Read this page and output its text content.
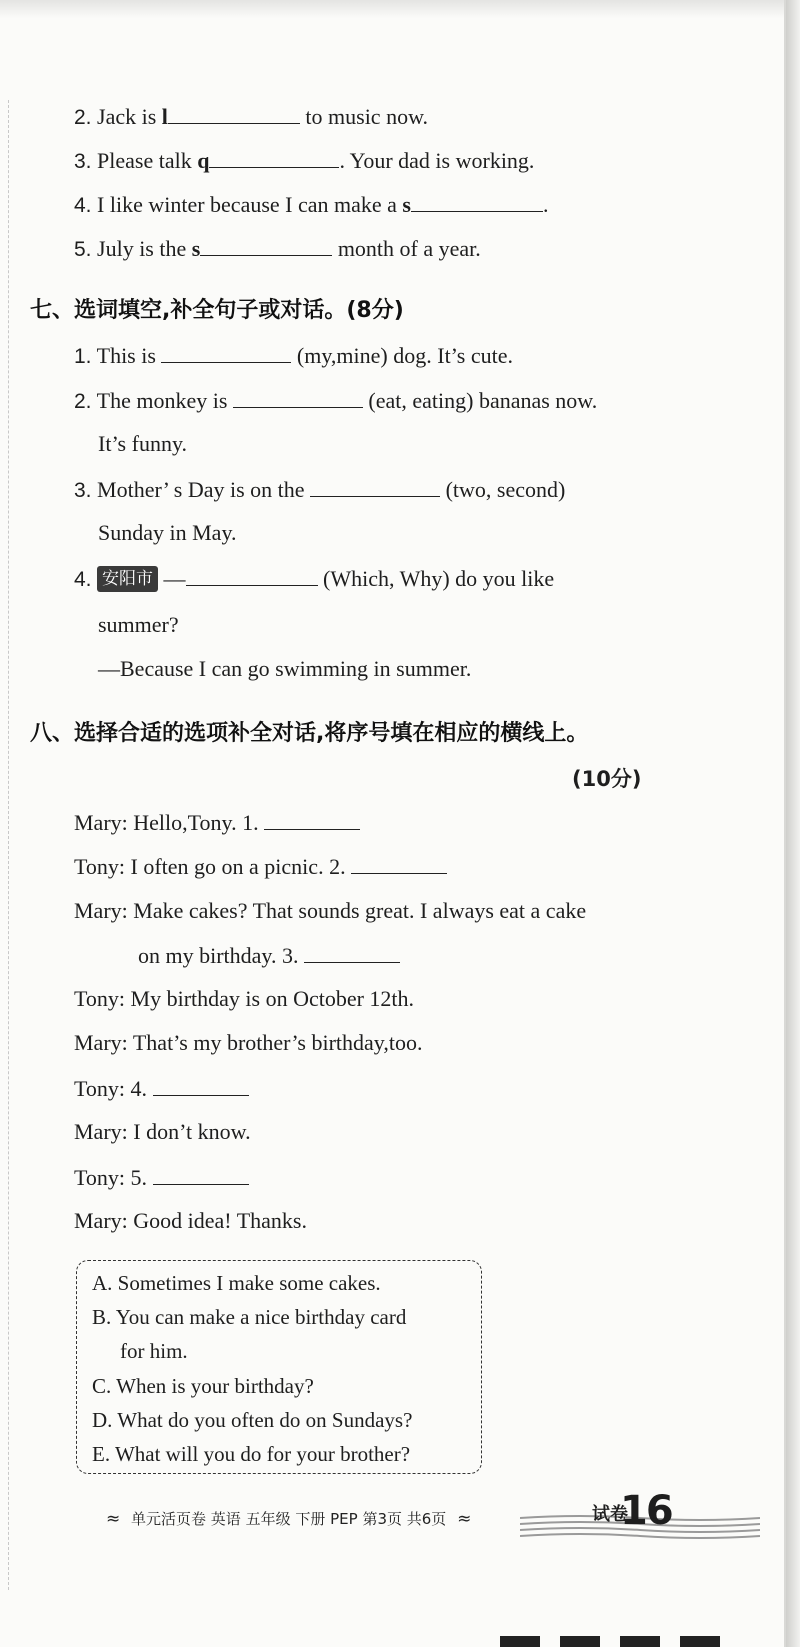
2. Jack is l	to music now.
3. Please talk q	. Your dad is working.
4. I like winter because I can make a s	.
5. July is the s	month of a year.
七、选词填空,补全句子或对话。(8分)
1. This is	(my,mine) dog. It’s cute.
2. The monkey is	(eat, eating) bananas now.
It’s funny.
3. Mother’ s Day is on the	(two, second)
Sunday in May.
4. 安阳市 —	(Which, Why) do you like
summer?
—Because I can go swimming in summer.
八、选择合适的选项补全对话,将序号填在相应的横线上。
(10分)
Mary: Hello,Tony. 1.
Tony: I often go on a picnic. 2.
Mary: Make cakes? That sounds great. I always eat a cake
on my birthday. 3.
Tony: My birthday is on October 12th.
Mary: That’s my brother’s birthday,too.
Tony: 4.
Mary: I don’t know.
Tony: 5.
Mary: Good idea! Thanks.
A. Sometimes I make some cakes.
B. You can make a nice birthday card
for him.
C. When is your birthday?
D. What do you often do on Sundays?
E. What will you do for your brother?
≈ 单元活页卷 英语 五年级 下册 PEP 第3页 共6页 ≈	试卷
16
